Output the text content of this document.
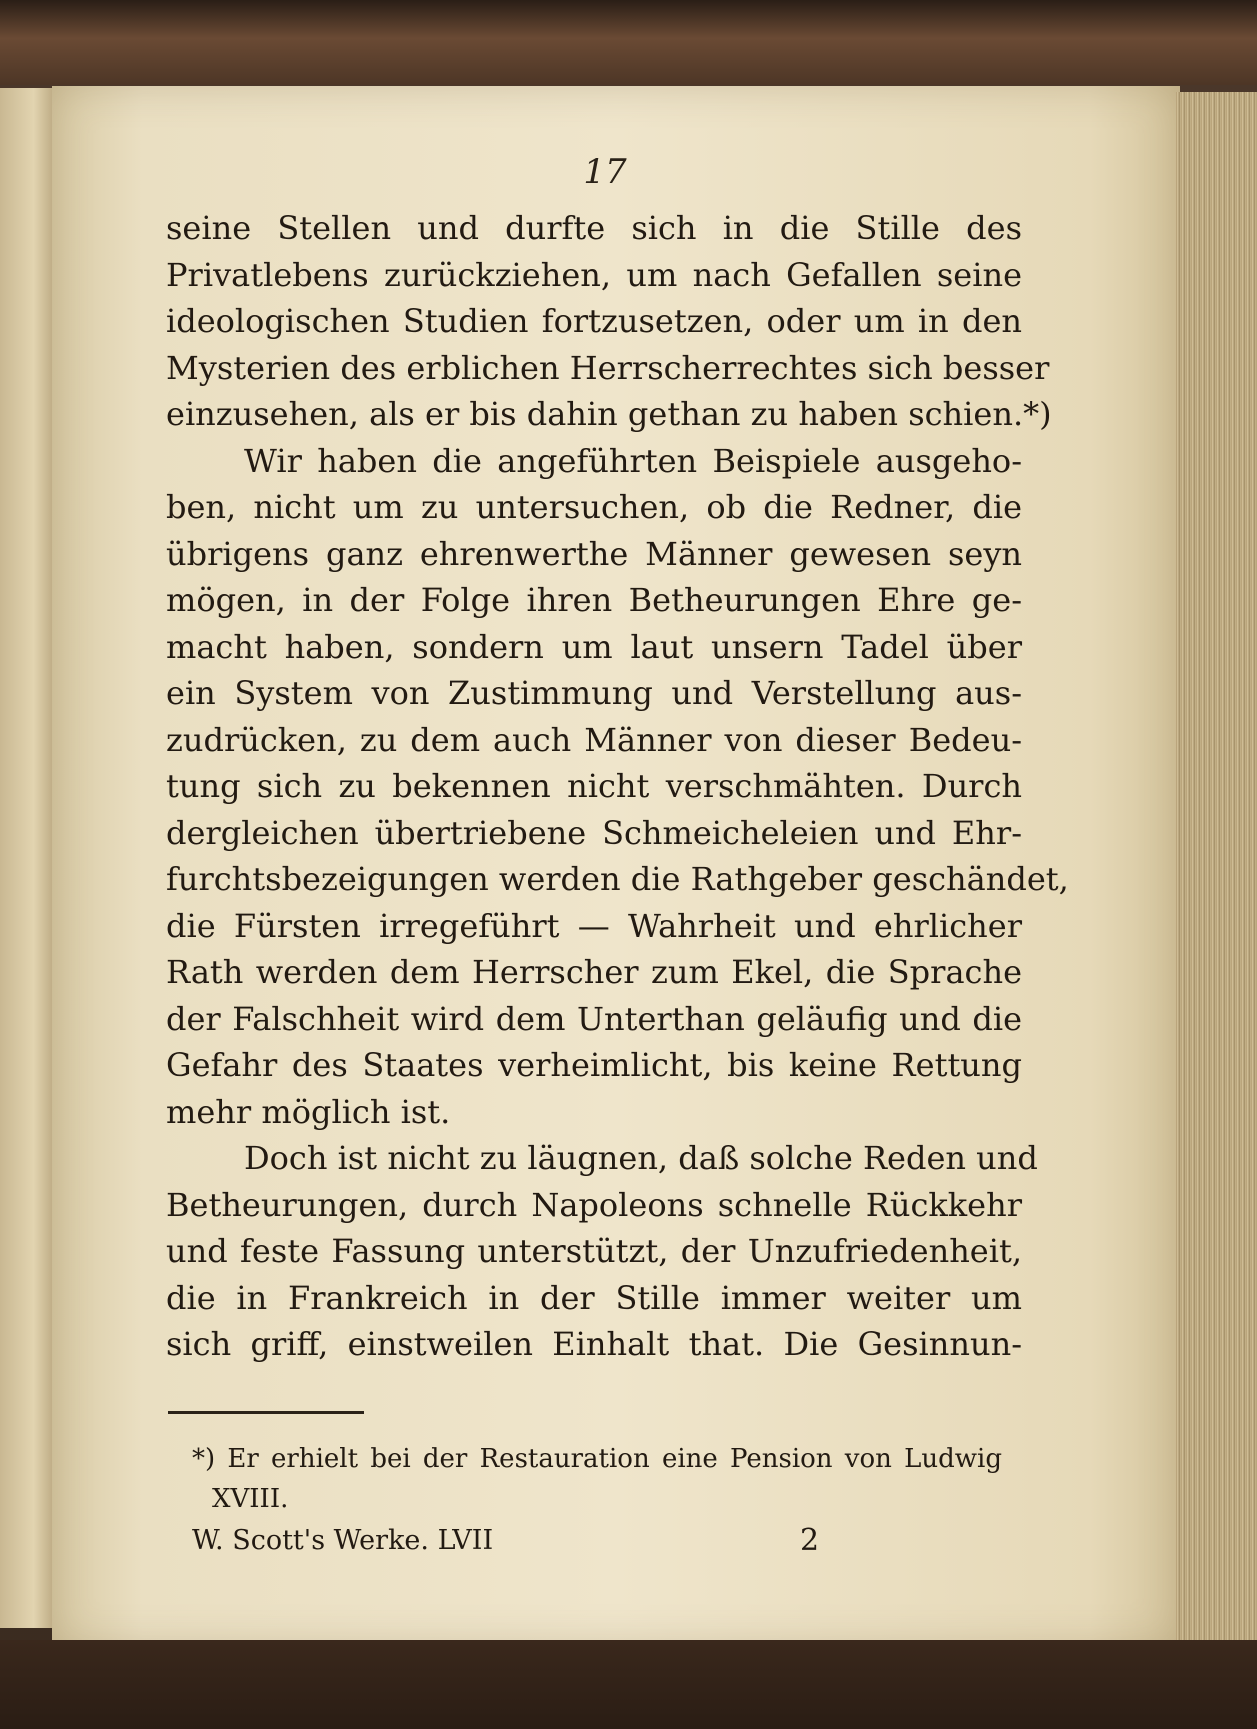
17
seine Stellen und durfte sich in die Stille des
Privatlebens zurückziehen, um nach Gefallen seine
ideologischen Studien fortzusetzen, oder um in den
Mysterien des erblichen Herrscherrechtes sich besser
einzusehen, als er bis dahin gethan zu haben schien.*)
Wir haben die angeführten Beispiele ausgeho-
ben, nicht um zu untersuchen, ob die Redner, die
übrigens ganz ehrenwerthe Männer gewesen seyn
mögen, in der Folge ihren Betheurungen Ehre ge-
macht haben, sondern um laut unsern Tadel über
ein System von Zustimmung und Verstellung aus-
zudrücken, zu dem auch Männer von dieser Bedeu-
tung sich zu bekennen nicht verschmähten. Durch
dergleichen übertriebene Schmeicheleien und Ehr-
furchtsbezeigungen werden die Rathgeber geschändet,
die Fürsten irregeführt — Wahrheit und ehrlicher
Rath werden dem Herrscher zum Ekel, die Sprache
der Falschheit wird dem Unterthan geläufig und die
Gefahr des Staates verheimlicht, bis keine Rettung
mehr möglich ist.
Doch ist nicht zu läugnen, daß solche Reden und
Betheurungen, durch Napoleons schnelle Rückkehr
und feste Fassung unterstützt, der Unzufriedenheit,
die in Frankreich in der Stille immer weiter um
sich griff, einstweilen Einhalt that. Die Gesinnun-
*) Er erhielt bei der Restauration eine Pension von Ludwig
XVIII.
W. Scott's Werke. LVII	2
